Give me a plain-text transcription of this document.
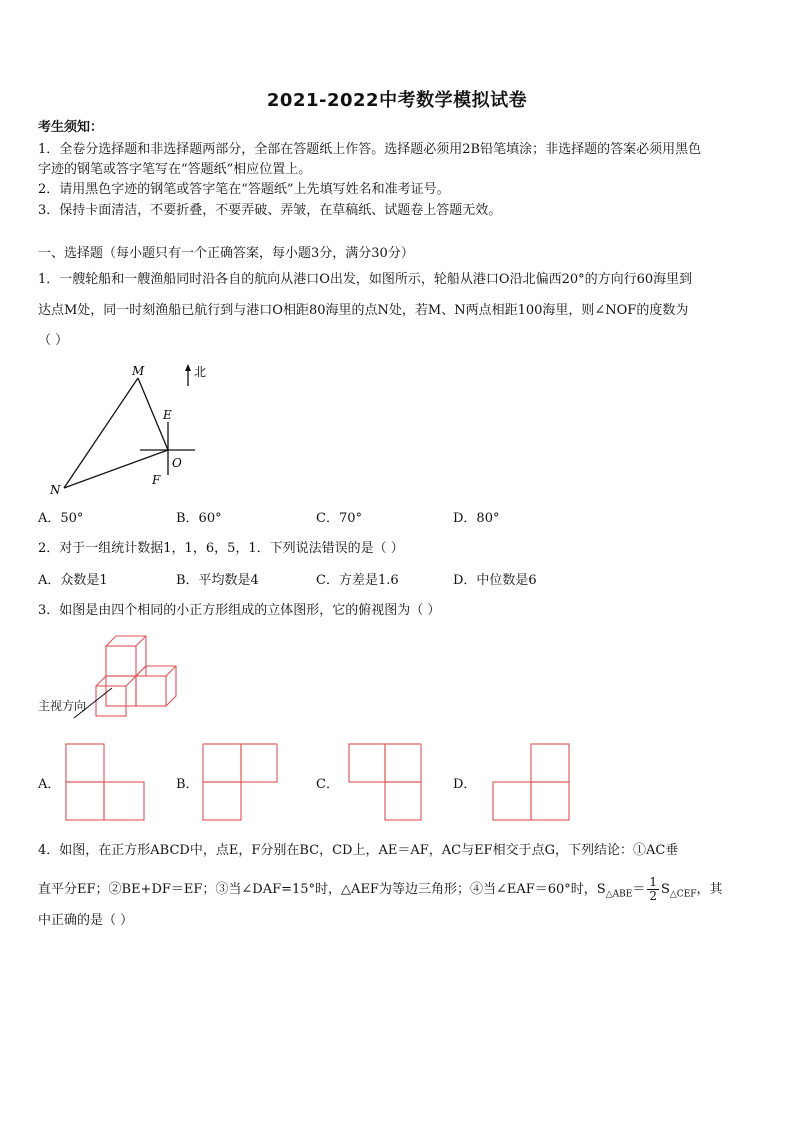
2021-2022中考数学模拟试卷
考生须知：
1．全卷分选择题和非选择题两部分，全部在答题纸上作答。选择题必须用2B铅笔填涂；非选择题的答案必须用黑色
字迹的钢笔或答字笔写在“答题纸”相应位置上。
2．请用黑色字迹的钢笔或答字笔在“答题纸”上先填写姓名和准考证号。
3．保持卡面清洁，不要折叠，不要弄破、弄皱，在草稿纸、试题卷上答题无效。
一、选择题（每小题只有一个正确答案，每小题3分，满分30分）
1．一艘轮船和一艘渔船同时沿各自的航向从港口O出发，如图所示，轮船从港口O沿北偏西20°的方向行60海里到
达点M处，同一时刻渔船已航行到与港口O相距80海里的点N处，若M、N两点相距100海里，则∠NOF的度数为
（ ）
M
N
E
O
F
北
A．50°	B．60°	C．70°	D．80°
2．对于一组统计数据1，1，6，5，1．下列说法错误的是（ ）
A．众数是1	B．平均数是4	C．方差是1.6	D．中位数是6
3．如图是由四个相同的小正方形组成的立体图形，它的俯视图为（ ）
主视方向
A．	B．	C．	D．
4．如图，在正方形ABCD中，点E，F分别在BC，CD上，AE＝AF，AC与EF相交于点G，下列结论：①AC垂
直平分EF；②BE+DF＝EF；③当∠DAF=15°时，△AEF为等边三角形；④当∠EAF＝60°时，$S_{\triangle ABE}= \frac{1}{2} S_{\triangle CEF}$，其
中正确的是（ ）
